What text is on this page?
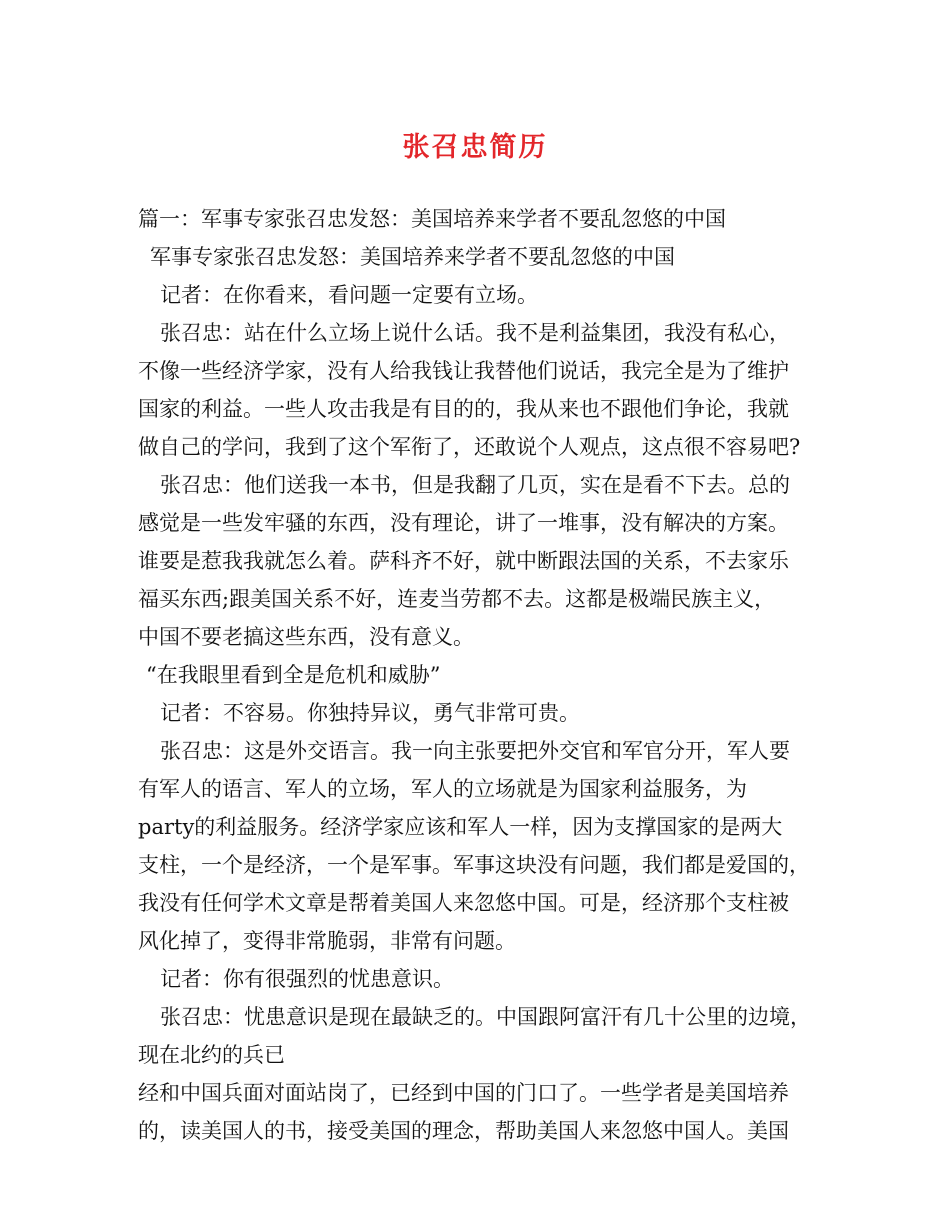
张召忠简历
篇一：军事专家张召忠发怒：美国培养来学者不要乱忽悠的中国
军事专家张召忠发怒：美国培养来学者不要乱忽悠的中国
记者：在你看来，看问题一定要有立场。
张召忠：站在什么立场上说什么话。我不是利益集团，我没有私心，
不像一些经济学家，没有人给我钱让我替他们说话，我完全是为了维护
国家的利益。一些人攻击我是有目的的，我从来也不跟他们争论，我就
做自己的学问，我到了这个军衔了，还敢说个人观点，这点很不容易吧?
张召忠：他们送我一本书，但是我翻了几页，实在是看不下去。总的
感觉是一些发牢骚的东西，没有理论，讲了一堆事，没有解决的方案。
谁要是惹我我就怎么着。萨科齐不好，就中断跟法国的关系，不去家乐
福买东西;跟美国关系不好，连麦当劳都不去。这都是极端民族主义，
中国不要老搞这些东西，没有意义。
“在我眼里看到全是危机和威胁”
记者：不容易。你独持异议，勇气非常可贵。
张召忠：这是外交语言。我一向主张要把外交官和军官分开，军人要
有军人的语言、军人的立场，军人的立场就是为国家利益服务，为
party的利益服务。经济学家应该和军人一样，因为支撑国家的是两大
支柱，一个是经济，一个是军事。军事这块没有问题，我们都是爱国的，
我没有任何学术文章是帮着美国人来忽悠中国。可是，经济那个支柱被
风化掉了，变得非常脆弱，非常有问题。
记者：你有很强烈的忧患意识。
张召忠：忧患意识是现在最缺乏的。中国跟阿富汗有几十公里的边境，
现在北约的兵已
经和中国兵面对面站岗了，已经到中国的门口了。一些学者是美国培养
的，读美国人的书，接受美国的理念，帮助美国人来忽悠中国人。美国
